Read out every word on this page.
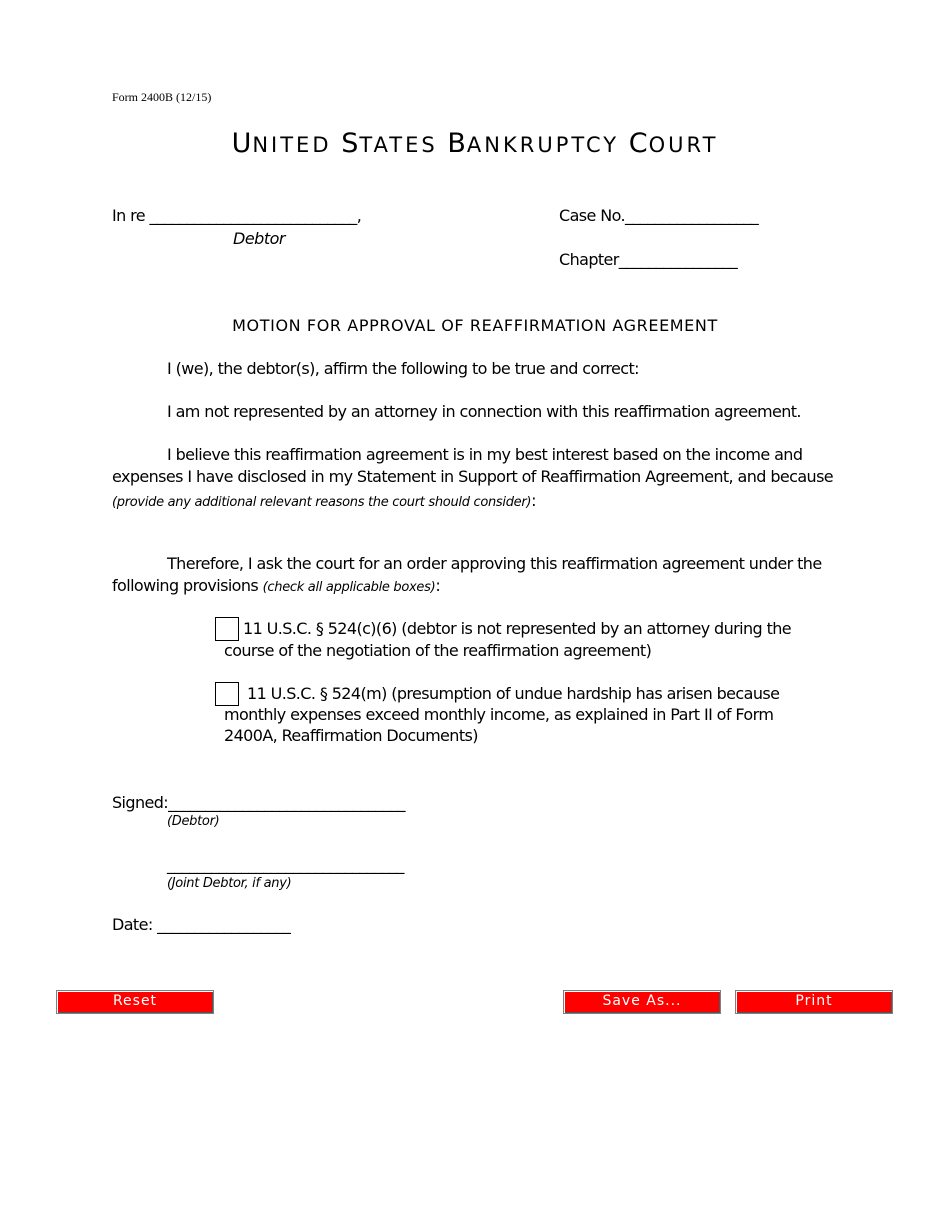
Form 2400B (12/15)
UNITED STATES BANKRUPTCY COURT
In re ____________________________,
Debtor
Case No.__________________
Chapter________________
MOTION FOR APPROVAL OF REAFFIRMATION AGREEMENT
I (we), the debtor(s), affirm the following to be true and correct:
I am not represented by an attorney in connection with this reaffirmation agreement.
I believe this reaffirmation agreement is in my best interest based on the income and
expenses I have disclosed in my Statement in Support of Reaffirmation Agreement, and because
(provide any additional relevant reasons the court should consider):
Therefore, I ask the court for an order approving this reaffirmation agreement under the
following provisions (check all applicable boxes):
11 U.S.C. § 524(c)(6) (debtor is not represented by an attorney during the
course of the negotiation of the reaffirmation agreement)
11 U.S.C. § 524(m) (presumption of undue hardship has arisen because
monthly expenses exceed monthly income, as explained in Part II of Form
2400A, Reaffirmation Documents)
Signed:________________________________
(Debtor)
________________________________
(Joint Debtor, if any)
Date: __________________
Reset	Save As...	Print
